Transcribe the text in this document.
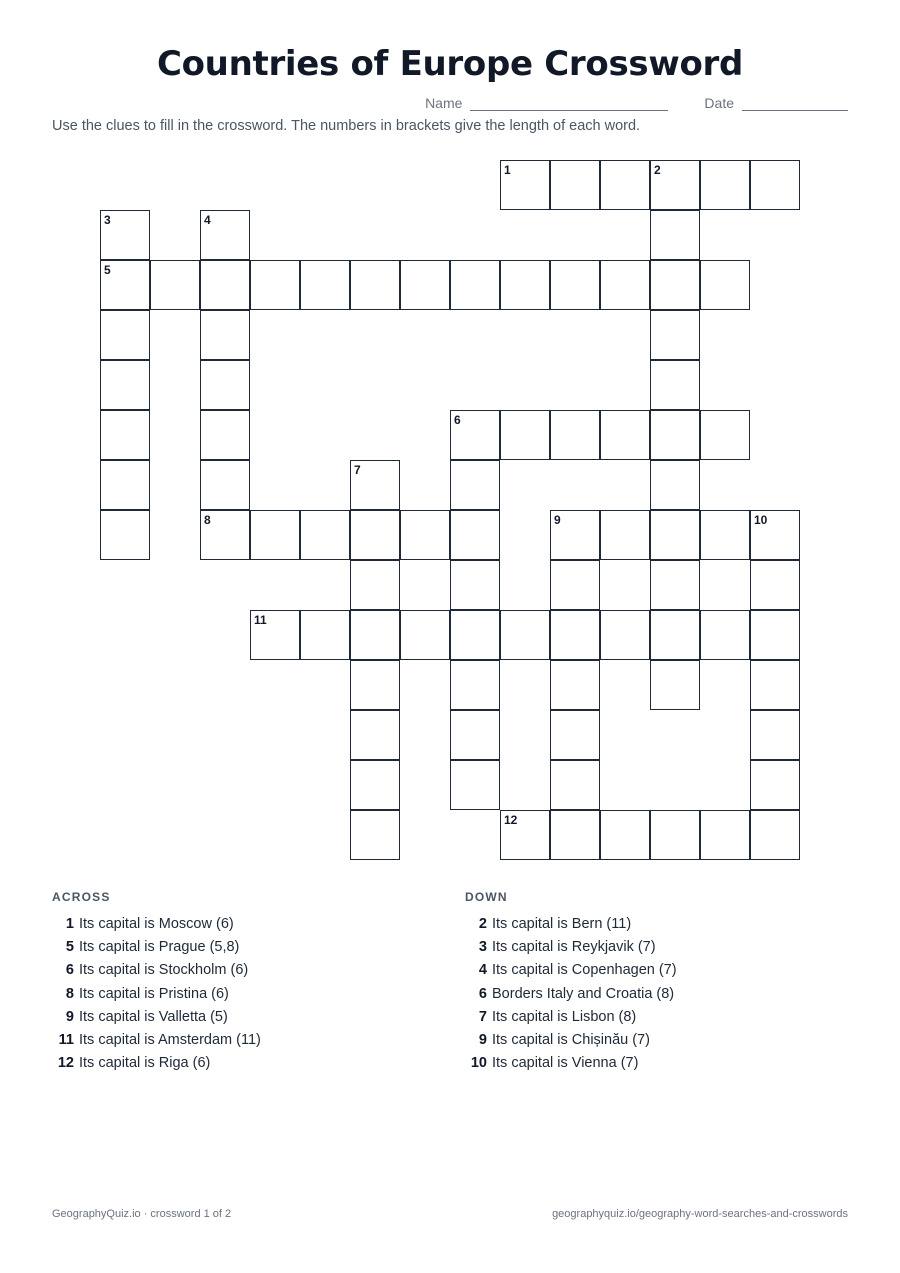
Countries of Europe Crossword
Name	Date
Use the clues to fill in the crossword. The numbers in brackets give the length of each word.
1	2
5
6
8	9	10
11
12
3	4
7
ACROSS
1 Its capital is Moscow (6)
5 Its capital is Prague (5,8)
6 Its capital is Stockholm (6)
8 Its capital is Pristina (6)
9 Its capital is Valletta (5)
11 Its capital is Amsterdam (11)
12 Its capital is Riga (6)
DOWN
2 Its capital is Bern (11)
3 Its capital is Reykjavik (7)
4 Its capital is Copenhagen (7)
6 Borders Italy and Croatia (8)
7 Its capital is Lisbon (8)
9 Its capital is Chișinău (7)
10 Its capital is Vienna (7)
GeographyQuiz.io · crossword 1 of 2	geographyquiz.io/geography-word-searches-and-crosswords
